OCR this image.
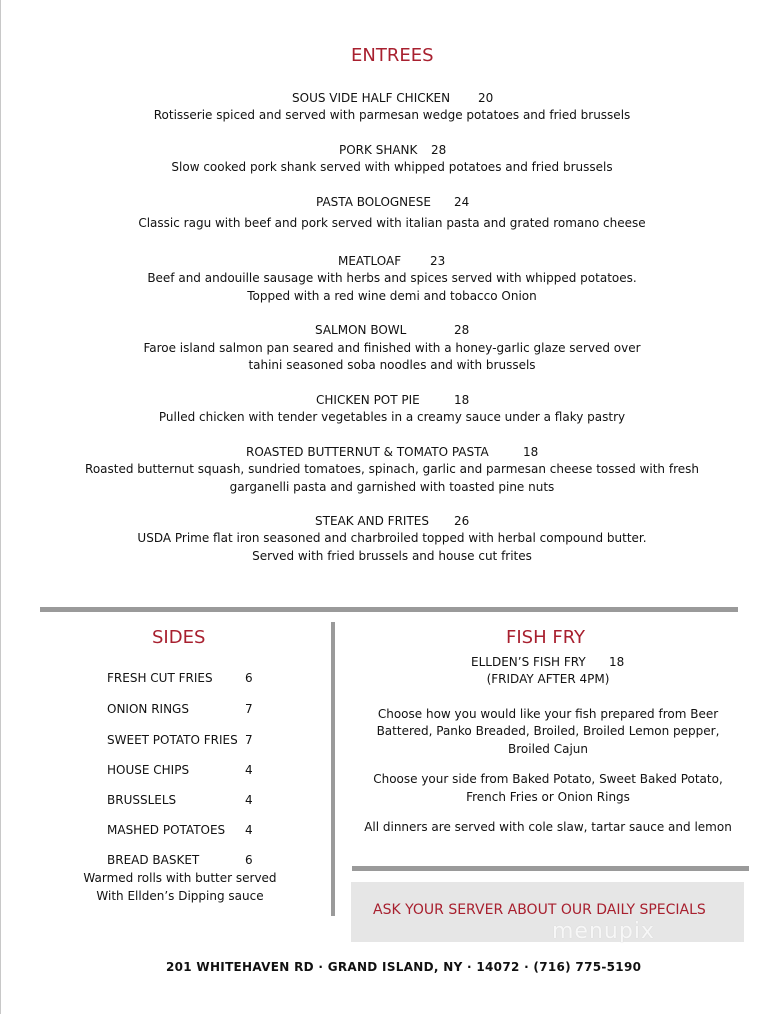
ENTREES
SOUS VIDE HALF CHICKEN 20
Rotisserie spiced and served with parmesan wedge potatoes and fried brussels
PORK SHANK 28
Slow cooked pork shank served with whipped potatoes and fried brussels
PASTA BOLOGNESE 24
Classic ragu with beef and pork served with italian pasta and grated romano cheese
MEATLOAF 23
Beef and andouille sausage with herbs and spices served with whipped potatoes.
Topped with a red wine demi and tobacco Onion
SALMON BOWL	28
Faroe island salmon pan seared and finished with a honey-garlic glaze served over
tahini seasoned soba noodles and with brussels
CHICKEN POT PIE	18
Pulled chicken with tender vegetables in a creamy sauce under a flaky pastry
ROASTED BUTTERNUT & TOMATO PASTA	18
Roasted butternut squash, sundried tomatoes, spinach, garlic and parmesan cheese tossed with fresh
garganelli pasta and garnished with toasted pine nuts
STEAK AND FRITES 26
USDA Prime flat iron seasoned and charbroiled topped with herbal compound butter.
Served with fried brussels and house cut frites
SIDES
FRESH CUT FRIES	6
ONION RINGS	7
SWEET POTATO FRIES 7
HOUSE CHIPS	4
BRUSSLELS	4
MASHED POTATOES 4
BREAD BASKET	6
Warmed rolls with butter served
With Ellden’s Dipping sauce
FISH FRY
ELLDEN’S FISH FRY 18
(FRIDAY AFTER 4PM)
Choose how you would like your fish prepared from Beer
Battered, Panko Breaded, Broiled, Broiled Lemon pepper,
Broiled Cajun
Choose your side from Baked Potato, Sweet Baked Potato,
French Fries or Onion Rings
All dinners are served with cole slaw, tartar sauce and lemon
ASK YOUR SERVER ABOUT OUR DAILY SPECIALS
menupix
201 WHITEHAVEN RD · GRAND ISLAND, NY · 14072 · (716) 775-5190
